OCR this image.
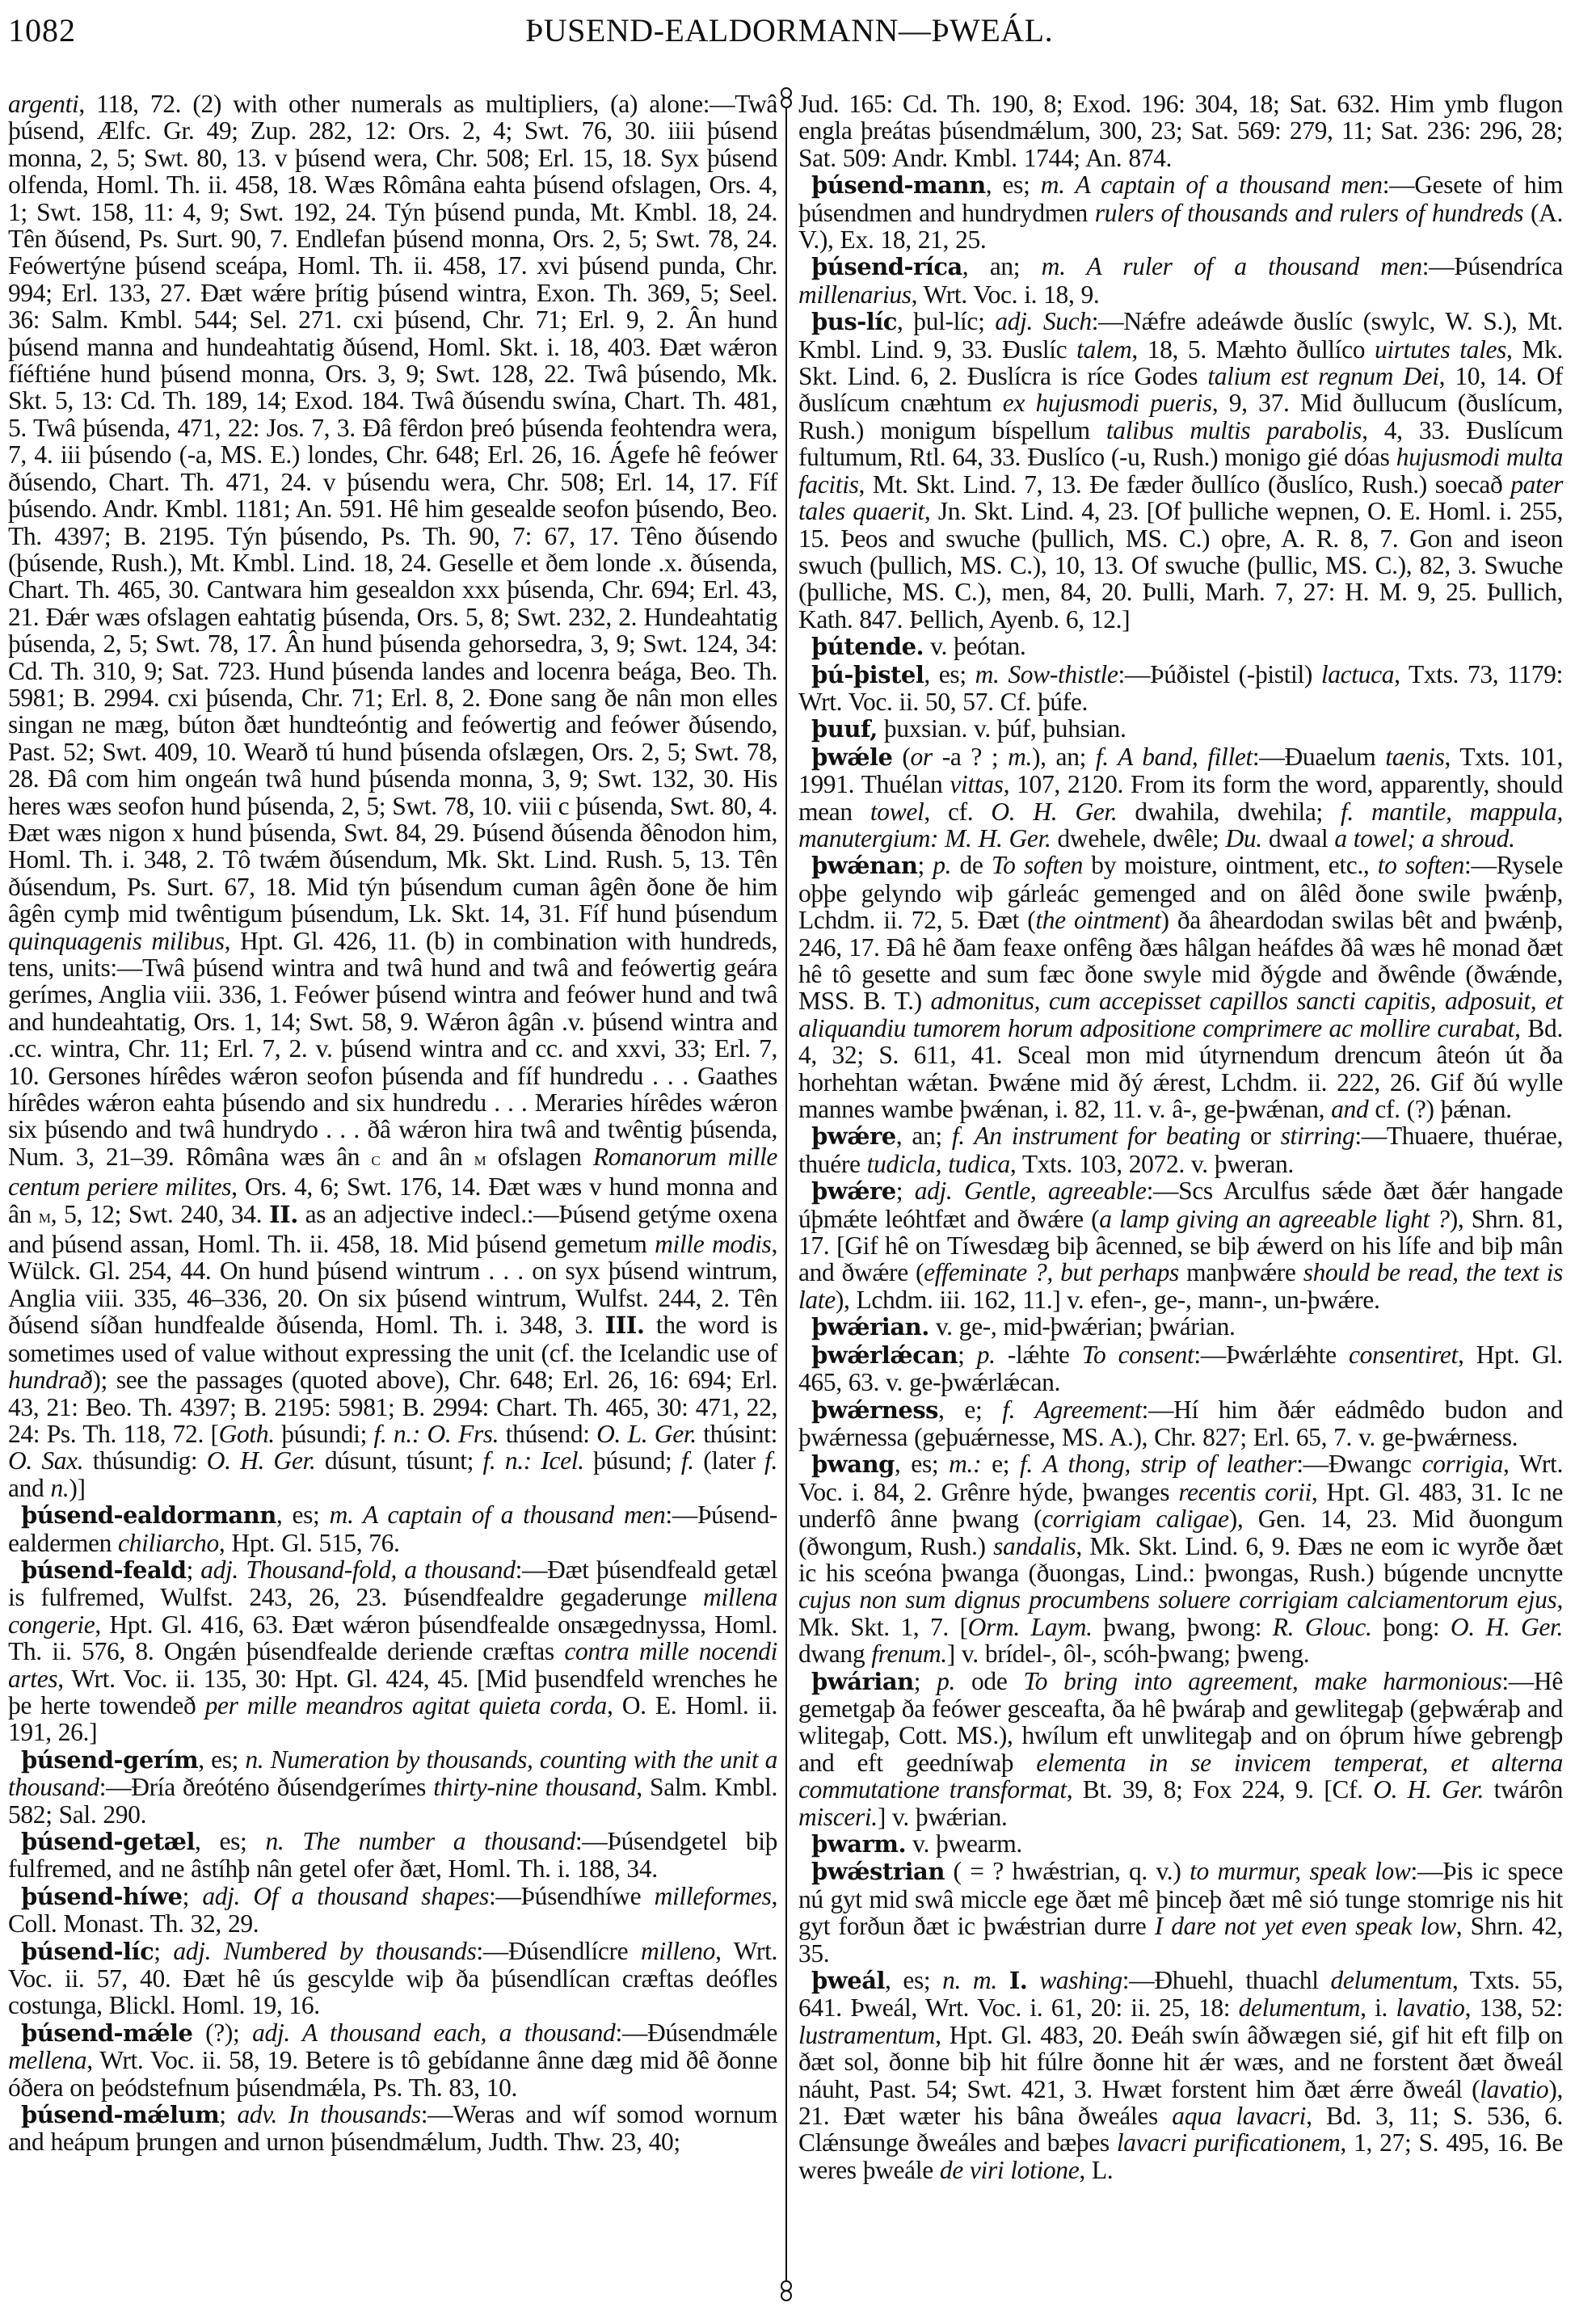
1082	ÞUSEND-EALDORMANN—ÞWEÁL.

argenti, 118, 72. (2) with other numerals as multipliers, (a) alone:—Twâ þúsend, Ælfc. Gr. 49; Zup. 282, 12: Ors. 2, 4; Swt. 76, 30. iiii þúsend monna, 2, 5; Swt. 80, 13. v þúsend wera, Chr. 508; Erl. 15, 18. Syx þúsend olfenda, Homl. Th. ii. 458, 18. Wæs Rômâna eahta þúsend ofslagen, Ors. 4, 1; Swt. 158, 11: 4, 9; Swt. 192, 24. Týn þúsend punda, Mt. Kmbl. 18, 24. Tên ðúsend, Ps. Surt. 90, 7. Endlefan þúsend monna, Ors. 2, 5; Swt. 78, 24. Feówertýne þúsend sceápa, Homl. Th. ii. 458, 17. xvi þúsend punda, Chr. 994; Erl. 133, 27. Ðæt wǽre þrítig þúsend wintra, Exon. Th. 369, 5; Seel. 36: Salm. Kmbl. 544; Sel. 271. cxi þúsend, Chr. 71; Erl. 9, 2. Ân hund þúsend manna and hundeahtatig ðúsend, Homl. Skt. i. 18, 403. Ðæt wǽron fíéftiéne hund þúsend monna, Ors. 3, 9; Swt. 128, 22. Twâ þúsendo, Mk. Skt. 5, 13: Cd. Th. 189, 14; Exod. 184. Twâ ðúsendu swína, Chart. Th. 481, 5. Twâ þúsenda, 471, 22: Jos. 7, 3. Ðâ fêrdon þreó þúsenda feohtendra wera, 7, 4. iii þúsendo (-a, MS. E.) londes, Chr. 648; Erl. 26, 16. Ágefe hê feówer ðúsendo, Chart. Th. 471, 24. v þúsendu wera, Chr. 508; Erl. 14, 17. Fíf þúsendo. Andr. Kmbl. 1181; An. 591. Hê him gesealde seofon þúsendo, Beo. Th. 4397; B. 2195. Týn þúsendo, Ps. Th. 90, 7: 67, 17. Têno ðúsendo (þúsende, Rush.), Mt. Kmbl. Lind. 18, 24. Geselle et ðem londe .x. ðúsenda, Chart. Th. 465, 30. Cantwara him gesealdon xxx þúsenda, Chr. 694; Erl. 43, 21. Ðǽr wæs ofslagen eahtatig þúsenda, Ors. 5, 8; Swt. 232, 2. Hundeahtatig þúsenda, 2, 5; Swt. 78, 17. Ân hund þúsenda gehorsedra, 3, 9; Swt. 124, 34: Cd. Th. 310, 9; Sat. 723. Hund þúsenda landes and locenra beága, Beo. Th. 5981; B. 2994. cxi þúsenda, Chr. 71; Erl. 8, 2. Ðone sang ðe nân mon elles singan ne mæg, búton ðæt hundteóntig and feówertig and feówer ðúsendo, Past. 52; Swt. 409, 10. Wearð tú hund þúsenda ofslægen, Ors. 2, 5; Swt. 78, 28. Ðâ com him ongeán twâ hund þúsenda monna, 3, 9; Swt. 132, 30. His heres wæs seofon hund þúsenda, 2, 5; Swt. 78, 10. viii c þúsenda, Swt. 80, 4. Ðæt wæs nigon x hund þúsenda, Swt. 84, 29. Þúsend ðúsenda ðênodon him, Homl. Th. i. 348, 2. Tô twǽm ðúsendum, Mk. Skt. Lind. Rush. 5, 13. Tên ðúsendum, Ps. Surt. 67, 18. Mid týn þúsendum cuman âgên ðone ðe him âgên cymþ mid twêntigum þúsendum, Lk. Skt. 14, 31. Fíf hund þúsendum quinquagenis milibus, Hpt. Gl. 426, 11. (b) in combination with hundreds, tens, units:—Twâ þúsend wintra and twâ hund and twâ and feówertig geára gerímes, Anglia viii. 336, 1. Feówer þúsend wintra and feówer hund and twâ and hundeahtatig, Ors. 1, 14; Swt. 58, 9. Wǽron âgân .v. þúsend wintra and .cc. wintra, Chr. 11; Erl. 7, 2. v. þúsend wintra and cc. and xxvi, 33; Erl. 7, 10. Gersones hírêdes wǽron seofon þúsenda and fíf hundredu . . . Gaathes hírêdes wǽron eahta þúsendo and six hundredu . . . Meraries hírêdes wǽron six þúsendo and twâ hundrydo . . . ðâ wǽron hira twâ and twêntig þúsenda, Num. 3, 21–39. Rômâna wæs ân c and ân m ofslagen Romanorum mille centum periere milites, Ors. 4, 6; Swt. 176, 14. Ðæt wæs v hund monna and ân m, 5, 12; Swt. 240, 34. II. as an adjective indecl.:—Þúsend getýme oxena and þúsend assan, Homl. Th. ii. 458, 18. Mid þúsend gemetum mille modis, Wülck. Gl. 254, 44. On hund þúsend wintrum . . . on syx þúsend wintrum, Anglia viii. 335, 46–336, 20. On six þúsend wintrum, Wulfst. 244, 2. Tên ðúsend síðan hundfealde ðúsenda, Homl. Th. i. 348, 3. III. the word is sometimes used of value without expressing the unit (cf. the Icelandic use of hundrað); see the passages (quoted above), Chr. 648; Erl. 26, 16: 694; Erl. 43, 21: Beo. Th. 4397; B. 2195: 5981; B. 2994: Chart. Th. 465, 30: 471, 22, 24: Ps. Th. 118, 72. [Goth. þúsundi; f. n.: O. Frs. thúsend: O. L. Ger. thúsint: O. Sax. thúsundig: O. H. Ger. dúsunt, túsunt; f. n.: Icel. þúsund; f. (later f. and n.)]

þúsend-ealdormann, es; m. A captain of a thousand men:—Þúsend-ealdermen chiliarcho, Hpt. Gl. 515, 76.

þúsend-feald; adj. Thousand-fold, a thousand:—Ðæt þúsendfeald getæl is fulfremed, Wulfst. 243, 26, 23. Þúsendfealdre gegaderunge millena congerie, Hpt. Gl. 416, 63. Ðæt wǽron þúsendfealde onsægednyssa, Homl. Th. ii. 576, 8. Ongǽn þúsendfealde deriende cræftas contra mille nocendi artes, Wrt. Voc. ii. 135, 30: Hpt. Gl. 424, 45. [Mid þusendfeld wrenches he þe herte towendeð per mille meandros agitat quieta corda, O. E. Homl. ii. 191, 26.]

þúsend-gerím, es; n. Numeration by thousands, counting with the unit a thousand:—Ðría ðreóténo ðúsendgerímes thirty-nine thousand, Salm. Kmbl. 582; Sal. 290.

þúsend-getæl, es; n. The number a thousand:—Þúsendgetel biþ fulfremed, and ne âstíhþ nân getel ofer ðæt, Homl. Th. i. 188, 34.

þúsend-híwe; adj. Of a thousand shapes:—Þúsendhíwe milleformes, Coll. Monast. Th. 32, 29.

þúsend-líc; adj. Numbered by thousands:—Ðúsendlícre milleno, Wrt. Voc. ii. 57, 40. Ðæt hê ús gescylde wiþ ða þúsendlícan cræftas deófles costunga, Blickl. Homl. 19, 16.

þúsend-mǽle (?); adj. A thousand each, a thousand:—Ðúsendmǽle mellena, Wrt. Voc. ii. 58, 19. Betere is tô gebídanne ânne dæg mid ðê ðonne óðera on þeódstefnum þúsendmǽla, Ps. Th. 83, 10.

þúsend-mǽlum; adv. In thousands:—Weras and wíf somod wornum and heápum þrungen and urnon þúsendmǽlum, Judth. Thw. 23, 40;

Jud. 165: Cd. Th. 190, 8; Exod. 196: 304, 18; Sat. 632. Him ymb flugon engla þreátas þúsendmǽlum, 300, 23; Sat. 569: 279, 11; Sat. 236: 296, 28; Sat. 509: Andr. Kmbl. 1744; An. 874.

þúsend-mann, es; m. A captain of a thousand men:—Gesete of him þúsendmen and hundrydmen rulers of thousands and rulers of hundreds (A. V.), Ex. 18, 21, 25.

þúsend-ríca, an; m. A ruler of a thousand men:—Þúsendríca millenarius, Wrt. Voc. i. 18, 9.

þus-líc, þul-líc; adj. Such:—Nǽfre adeáwde ðuslíc (swylc, W. S.), Mt. Kmbl. Lind. 9, 33. Ðuslíc talem, 18, 5. Mæhto ðullíco uirtutes tales, Mk. Skt. Lind. 6, 2. Ðuslícra is ríce Godes talium est regnum Dei, 10, 14. Of ðuslícum cnæhtum ex hujusmodi pueris, 9, 37. Mid ðullucum (ðuslícum, Rush.) monigum bíspellum talibus multis parabolis, 4, 33. Ðuslícum fultumum, Rtl. 64, 33. Ðuslíco (-u, Rush.) monigo gié dóas hujusmodi multa facitis, Mt. Skt. Lind. 7, 13. Ðe fæder ðullíco (ðuslíco, Rush.) soecað pater tales quaerit, Jn. Skt. Lind. 4, 23. [Of þulliche wepnen, O. E. Homl. i. 255, 15. Þeos and swuche (þullich, MS. C.) oþre, A. R. 8, 7. Gon and iseon swuch (þullich, MS. C.), 10, 13. Of swuche (þullic, MS. C.), 82, 3. Swuche (þulliche, MS. C.), men, 84, 20. Þulli, Marh. 7, 27: H. M. 9, 25. Þullich, Kath. 847. Þellich, Ayenb. 6, 12.]

þútende. v. þeótan.

þú-þistel, es; m. Sow-thistle:—Þúðistel (-þistil) lactuca, Txts. 73, 1179: Wrt. Voc. ii. 50, 57. Cf. þúfe.

þuuf, þuxsian. v. þúf, þuhsian.

þwǽle (or -a ? ; m.), an; f. A band, fillet:—Ðuaelum taenis, Txts. 101, 1991. Thuélan vittas, 107, 2120. From its form the word, apparently, should mean towel, cf. O. H. Ger. dwahila, dwehila; f. mantile, mappula, manutergium: M. H. Ger. dwehele, dwêle; Du. dwaal a towel; a shroud.

þwǽnan; p. de To soften by moisture, ointment, etc., to soften:—Rysele oþþe gelyndo wiþ gárleác gemenged and on âlêd ðone swile þwǽnþ, Lchdm. ii. 72, 5. Ðæt (the ointment) ða âheardodan swilas bêt and þwǽnþ, 246, 17. Ðâ hê ðam feaxe onfêng ðæs hâlgan heáfdes ðâ wæs hê monad ðæt hê tô gesette and sum fæc ðone swyle mid ðýgde and ðwênde (ðwǽnde, MSS. B. T.) admonitus, cum accepisset capillos sancti capitis, adposuit, et aliquandiu tumorem horum adpositione comprimere ac mollire curabat, Bd. 4, 32; S. 611, 41. Sceal mon mid útyrnendum drencum âteón út ða horhehtan wǽtan. Þwǽne mid ðý ǽrest, Lchdm. ii. 222, 26. Gif ðú wylle mannes wambe þwǽnan, i. 82, 11. v. â-, ge-þwǽnan, and cf. (?) þǽnan.

þwǽre, an; f. An instrument for beating or stirring:—Thuaere, thuérae, thuére tudicla, tudica, Txts. 103, 2072. v. þweran.

þwǽre; adj. Gentle, agreeable:—Scs Arculfus sǽde ðæt ðǽr hangade úþmǽte leóhtfæt and ðwǽre (a lamp giving an agreeable light ?), Shrn. 81, 17. [Gif hê on Tíwesdæg biþ âcenned, se biþ ǽwerd on his lífe and biþ mân and ðwǽre (effeminate ?, but perhaps manþwǽre should be read, the text is late), Lchdm. iii. 162, 11.] v. efen-, ge-, mann-, un-þwǽre.

þwǽrian. v. ge-, mid-þwǽrian; þwárian.

þwǽrlǽcan; p. -lǽhte To consent:—Þwǽrlǽhte consentiret, Hpt. Gl. 465, 63. v. ge-þwǽrlǽcan.

þwǽrness, e; f. Agreement:—Hí him ðǽr eádmêdo budon and þwǽrnessa (geþuǽrnesse, MS. A.), Chr. 827; Erl. 65, 7. v. ge-þwǽrness.

þwang, es; m.: e; f. A thong, strip of leather:—Ðwangc corrigia, Wrt. Voc. i. 84, 2. Grênre hýde, þwanges recentis corii, Hpt. Gl. 483, 31. Ic ne underfô ânne þwang (corrigiam caligae), Gen. 14, 23. Mid ðuongum (ðwongum, Rush.) sandalis, Mk. Skt. Lind. 6, 9. Ðæs ne eom ic wyrðe ðæt ic his sceóna þwanga (ðuongas, Lind.: þwongas, Rush.) búgende uncnytte cujus non sum dignus procumbens soluere corrigiam calciamentorum ejus, Mk. Skt. 1, 7. [Orm. Laym. þwang, þwong: R. Glouc. þong: O. H. Ger. dwang frenum.] v. brídel-, ôl-, scóh-þwang; þweng.

þwárian; p. ode To bring into agreement, make harmonious:—Hê gemetgaþ ða feówer gesceafta, ða hê þwáraþ and gewlitegaþ (geþwǽraþ and wlitegaþ, Cott. MS.), hwílum eft unwlitegaþ and on óþrum híwe gebrengþ and eft geedníwaþ elementa in se invicem temperat, et alterna commutatione transformat, Bt. 39, 8; Fox 224, 9. [Cf. O. H. Ger. twárôn misceri.] v. þwǽrian.

þwarm. v. þwearm.

þwǽstrian ( = ? hwǽstrian, q. v.) to murmur, speak low:—Þis ic spece nú gyt mid swâ miccle ege ðæt mê þinceþ ðæt mê sió tunge stomrige nis hit gyt forðun ðæt ic þwǽstrian durre I dare not yet even speak low, Shrn. 42, 35.

þweál, es; n. m. I. washing:—Ðhuehl, thuachl delumentum, Txts. 55, 641. Þweál, Wrt. Voc. i. 61, 20: ii. 25, 18: delumentum, i. lavatio, 138, 52: lustramentum, Hpt. Gl. 483, 20. Ðeáh swín âðwægen sié, gif hit eft filþ on ðæt sol, ðonne biþ hit fúlre ðonne hit ǽr wæs, and ne forstent ðæt ðweál náuht, Past. 54; Swt. 421, 3. Hwæt forstent him ðæt ǽrre ðweál (lavatio), 21. Ðæt wæter his bâna ðweáles aqua lavacri, Bd. 3, 11; S. 536, 6. Clǽnsunge ðweáles and bæþes lavacri purificationem, 1, 27; S. 495, 16. Be weres þweále de viri lotione, L.
